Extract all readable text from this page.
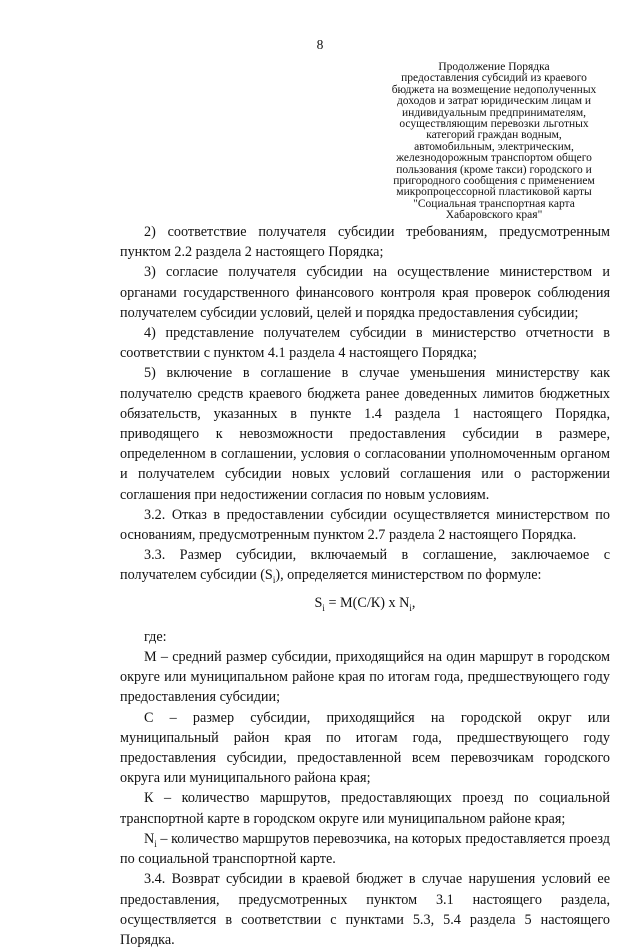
8
Продолжение Порядка
предоставления субсидий из краевого
бюджета на возмещение недополученных
доходов и затрат юридическим лицам и
индивидуальным предпринимателям,
осуществляющим перевозки льготных
категорий граждан водным,
автомобильным, электрическим,
железнодорожным транспортом общего
пользования (кроме такси) городского и
пригородного сообщения с применением
микропроцессорной пластиковой карты
"Социальная транспортная карта
Хабаровского края"

2) соответствие получателя субсидии требованиям, предусмотренным пунктом 2.2 раздела 2 настоящего Порядка;

3) согласие получателя субсидии на осуществление министерством и органами государственного финансового контроля края проверок соблюдения получателем субсидии условий, целей и порядка предоставления субсидии;

4) представление получателем субсидии в министерство отчетности в соответствии с пунктом 4.1 раздела 4 настоящего Порядка;

5) включение в соглашение в случае уменьшения министерству как получателю средств краевого бюджета ранее доведенных лимитов бюджетных обязательств, указанных в пункте 1.4 раздела 1 настоящего Порядка, приводящего к невозможности предоставления субсидии в размере, определенном в соглашении, условия о согласовании уполномоченным органом и получателем субсидии новых условий соглашения или о расторжении соглашения при недостижении согласия по новым условиям.

3.2. Отказ в предоставлении субсидии осуществляется министерством по основаниям, предусмотренным пунктом 2.7 раздела 2 настоящего Порядка.

3.3. Размер субсидии, включаемый в соглашение, заключаемое с получателем субсидии $(S_i)$, определяется министерством по формуле:

$S_i = М(С/К)$ x $N_i$,

где:

М – средний размер субсидии, приходящийся на один маршрут в городском округе или муниципальном районе края по итогам года, предшествующего году предоставления субсидии;

С – размер субсидии, приходящийся на городской округ или муниципальный район края по итогам года, предшествующего году предоставления субсидии, предоставленной всем перевозчикам городского округа или муниципального района края;

К – количество маршрутов, предоставляющих проезд по социальной транспортной карте в городском округе или муниципальном районе края;

$N_i$ – количество маршрутов перевозчика, на которых предоставляется проезд по социальной транспортной карте.

3.4. Возврат субсидии в краевой бюджет в случае нарушения условий ее предоставления, предусмотренных пунктом 3.1 настоящего раздела, осуществляется в соответствии с пунктами 5.3, 5.4 раздела 5 настоящего Порядка.
